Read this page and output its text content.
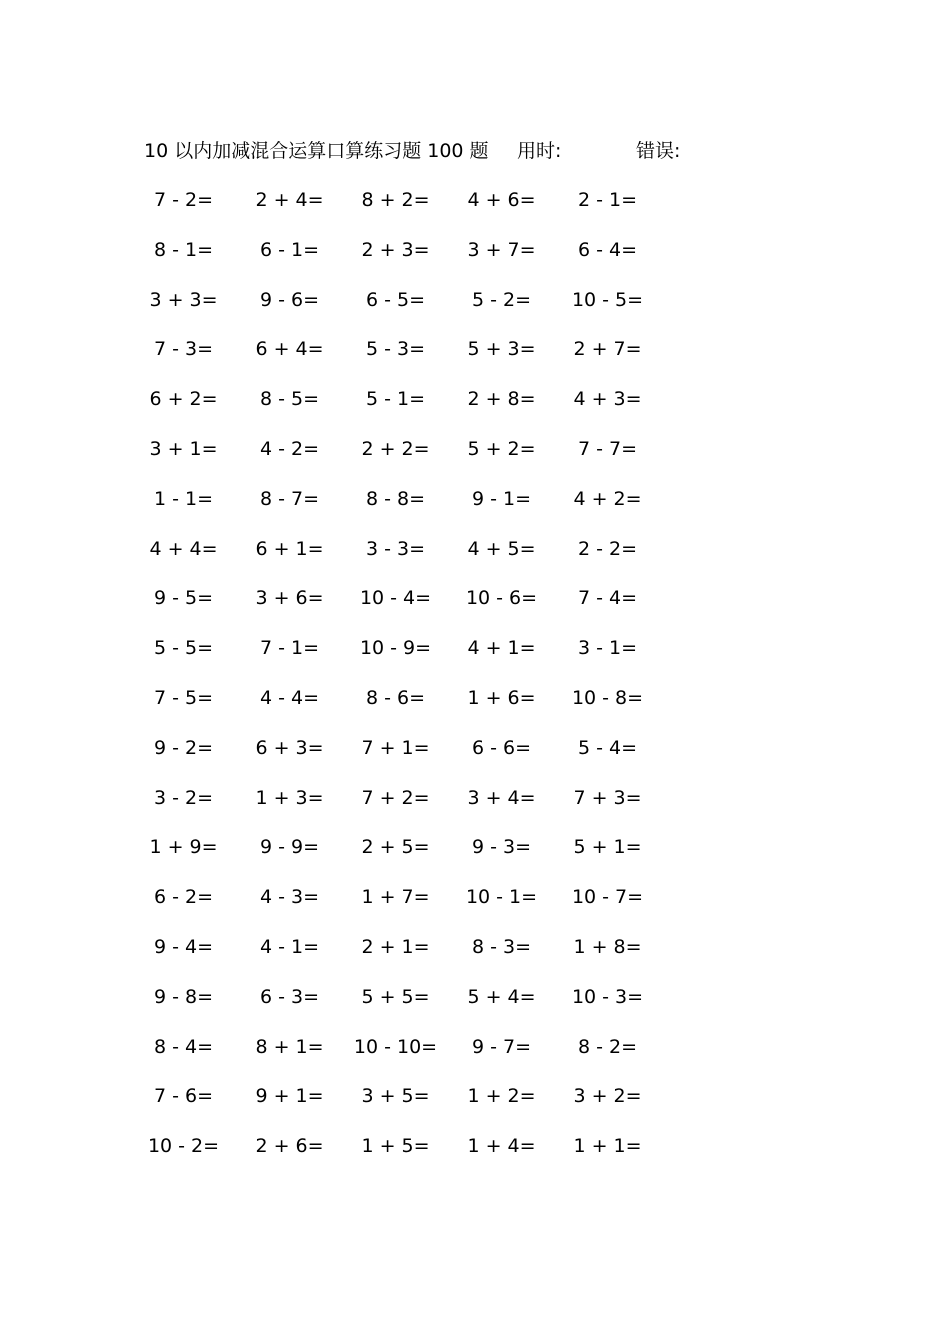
10 以内加减混合运算口算练习题 100 题 用时:	错误:
7 - 2=	2 + 4=	8 + 2=	4 + 6=	2 - 1=
8 - 1=	6 - 1=	2 + 3=	3 + 7=	6 - 4=
3 + 3=	9 - 6=	6 - 5=	5 - 2=	10 - 5=
7 - 3=	6 + 4=	5 - 3=	5 + 3=	2 + 7=
6 + 2=	8 - 5=	5 - 1=	2 + 8=	4 + 3=
3 + 1=	4 - 2=	2 + 2=	5 + 2=	7 - 7=
1 - 1=	8 - 7=	8 - 8=	9 - 1=	4 + 2=
4 + 4=	6 + 1=	3 - 3=	4 + 5=	2 - 2=
9 - 5=	3 + 6=	10 - 4=	10 - 6=	7 - 4=
5 - 5=	7 - 1=	10 - 9=	4 + 1=	3 - 1=
7 - 5=	4 - 4=	8 - 6=	1 + 6=	10 - 8=
9 - 2=	6 + 3=	7 + 1=	6 - 6=	5 - 4=
3 - 2=	1 + 3=	7 + 2=	3 + 4=	7 + 3=
1 + 9=	9 - 9=	2 + 5=	9 - 3=	5 + 1=
6 - 2=	4 - 3=	1 + 7=	10 - 1=	10 - 7=
9 - 4=	4 - 1=	2 + 1=	8 - 3=	1 + 8=
9 - 8=	6 - 3=	5 + 5=	5 + 4=	10 - 3=
8 - 4=	8 + 1=	10 - 10=	9 - 7=	8 - 2=
7 - 6=	9 + 1=	3 + 5=	1 + 2=	3 + 2=
10 - 2=	2 + 6=	1 + 5=	1 + 4=	1 + 1=
